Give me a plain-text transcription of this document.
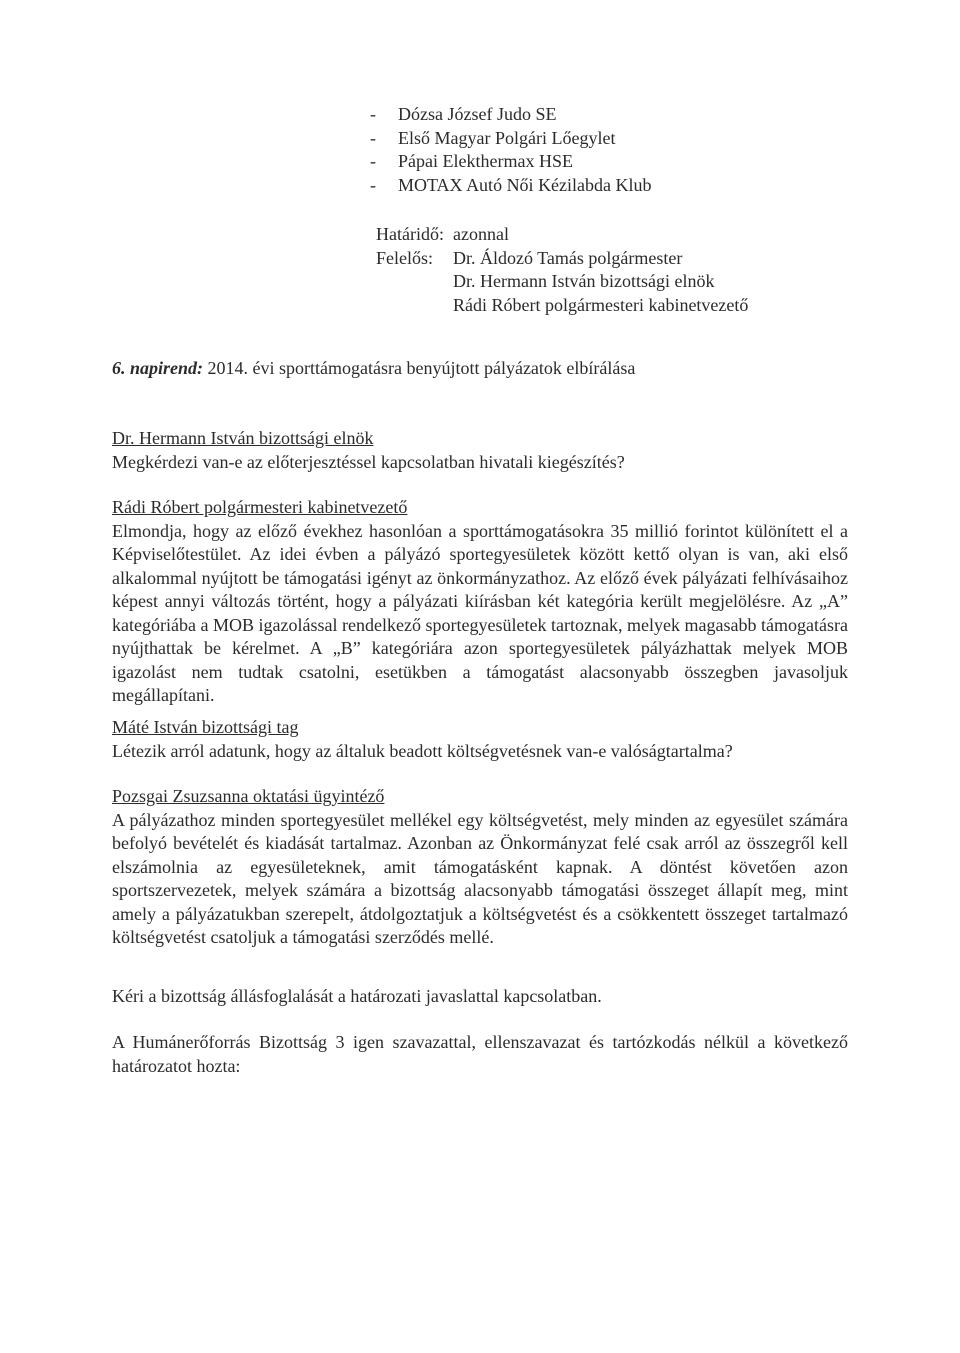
- Dózsa József Judo SE
- Első Magyar Polgári Lőegylet
- Pápai Elekthermax HSE
- MOTAX Autó Női Kézilabda Klub
Határidő: azonnal
Felelős: Dr. Áldozó Tamás polgármester
Dr. Hermann István bizottsági elnök
Rádi Róbert polgármesteri kabinetvezető
6. napirend: 2014. évi sporttámogatásra benyújtott pályázatok elbírálása
Dr. Hermann István bizottsági elnök
Megkérdezi van-e az előterjesztéssel kapcsolatban hivatali kiegészítés?
Rádi Róbert polgármesteri kabinetvezető
Elmondja, hogy az előző évekhez hasonlóan a sporttámogatásokra 35 millió forintot különített el a Képviselőtestület. Az idei évben a pályázó sportegyesületek között kettő olyan is van, aki első alkalommal nyújtott be támogatási igényt az önkormányzathoz. Az előző évek pályázati felhívásaihoz képest annyi változás történt, hogy a pályázati kiírásban két kategória került megjelölésre. Az „A” kategóriába a MOB igazolással rendelkező sportegyesületek tartoznak, melyek magasabb támogatásra nyújthattak be kérelmet. A „B” kategóriára azon sportegyesületek pályázhattak melyek MOB igazolást nem tudtak csatolni, esetükben a támogatást alacsonyabb összegben javasoljuk megállapítani.
Máté István bizottsági tag
Létezik arról adatunk, hogy az általuk beadott költségvetésnek van-e valóságtartalma?
Pozsgai Zsuzsanna oktatási ügyintéző
A pályázathoz minden sportegyesület mellékel egy költségvetést, mely minden az egyesület számára befolyó bevételét és kiadását tartalmaz. Azonban az Önkormányzat felé csak arról az összegről kell elszámolnia az egyesületeknek, amit támogatásként kapnak. A döntést követően azon sportszervezetek, melyek számára a bizottság alacsonyabb támogatási összeget állapít meg, mint amely a pályázatukban szerepelt, átdolgoztatjuk a költségvetést és a csökkentett összeget tartalmazó költségvetést csatoljuk a támogatási szerződés mellé.
Kéri a bizottság állásfoglalását a határozati javaslattal kapcsolatban.
A Humánerőforrás Bizottság 3 igen szavazattal, ellenszavazat és tartózkodás nélkül a következő határozatot hozta:
